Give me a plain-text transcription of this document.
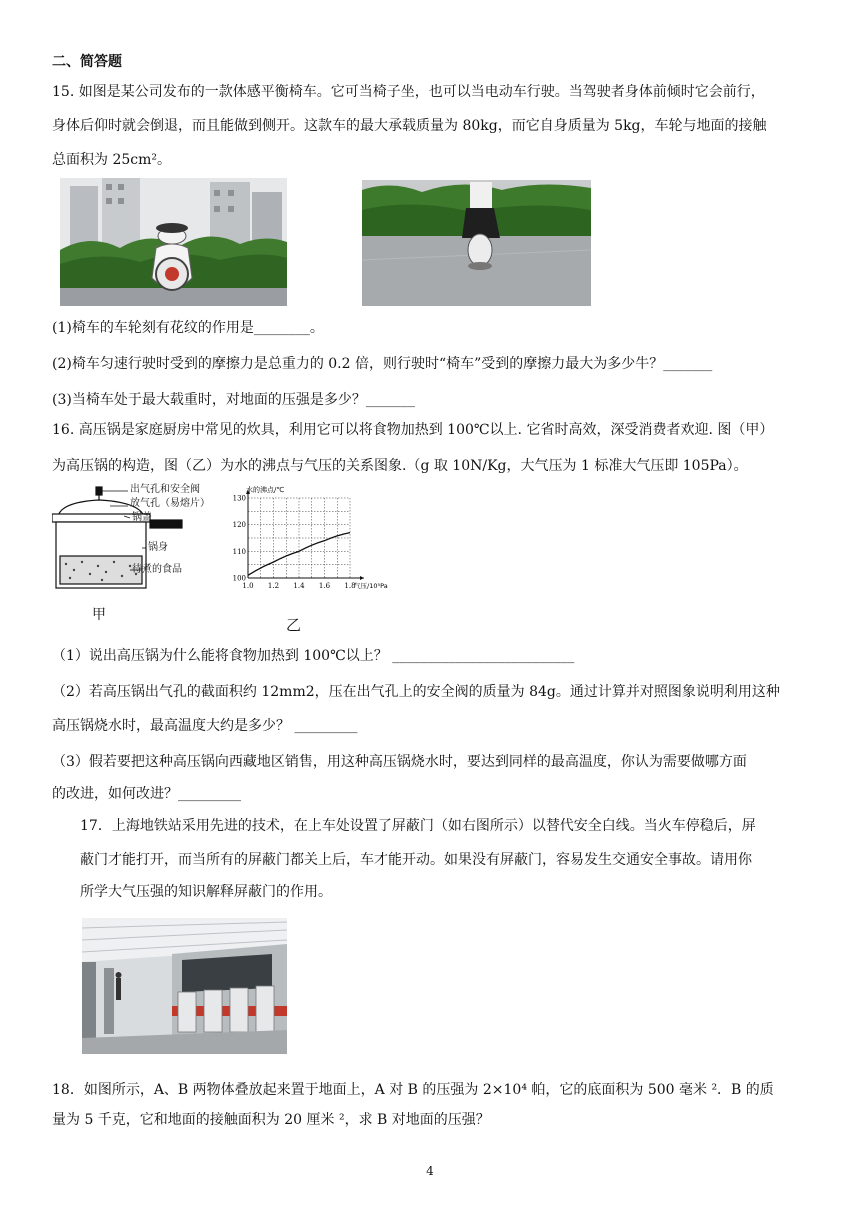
二、简答题
15. 如图是某公司发布的一款体感平衡椅车。它可当椅子坐，也可以当电动车行驶。当驾驶者身体前倾时它会前行，
身体后仰时就会倒退，而且能做到侧开。这款车的最大承载质量为 80kg，而它自身质量为 5kg，车轮与地面的接触
总面积为 25cm²。
(1)椅车的车轮刻有花纹的作用是________。
(2)椅车匀速行驶时受到的摩擦力是总重力的 0.2 倍，则行驶时“椅车”受到的摩擦力最大为多少牛？_______
(3)当椅车处于最大载重时，对地面的压强是多少？_______
16. 高压锅是家庭厨房中常见的炊具，利用它可以将食物加热到 100℃以上. 它省时高效，深受消费者欢迎. 图（甲）
为高压锅的构造，图（乙）为水的沸点与气压的关系图象.（g 取 10N/Kg，大气压为 1 标准大气压即 105Pa）。
出气孔和安全阀
放气孔（易熔片）
锅盖
锅身
待煮的食品
甲
1.0 1.2 1.4 1.6 1.8
100
110
120
130
水的沸点/℃
气压/10⁵Pa
乙
（1）说出高压锅为什么能将食物加热到 100℃以上？ __________________________
（2）若高压锅出气孔的截面积约 12mm2，压在出气孔上的安全阀的质量为 84g。通过计算并对照图象说明利用这种
高压锅烧水时，最高温度大约是多少？ _________
（3）假若要把这种高压锅向西藏地区销售，用这种高压锅烧水时，要达到同样的最高温度，你认为需要做哪方面
的改进，如何改进？_________
17．上海地铁站采用先进的技术，在上车处设置了屏蔽门（如右图所示）以替代安全白线。当火车停稳后，屏
蔽门才能打开，而当所有的屏蔽门都关上后，车才能开动。如果没有屏蔽门，容易发生交通安全事故。请用你
所学大气压强的知识解释屏蔽门的作用。
18．如图所示，A、B 两物体叠放起来置于地面上，A 对 B 的压强为 2×10⁴ 帕，它的底面积为 500 毫米 ²．B 的质
量为 5 千克，它和地面的接触面积为 20 厘米 ²，求 B 对地面的压强？
4
